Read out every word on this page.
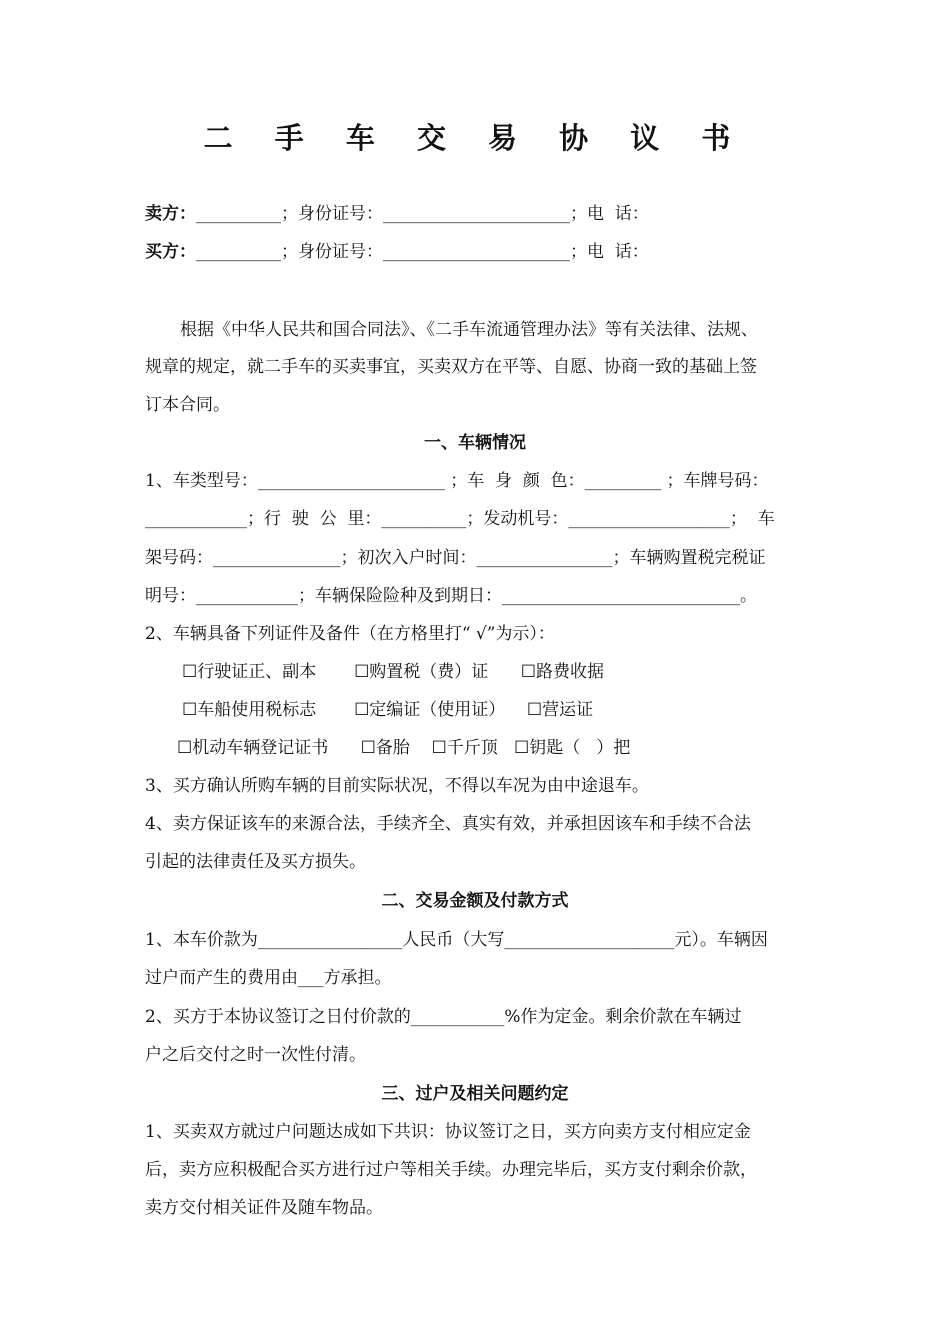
二 手 车 交 易 协 议 书
卖方：__________；身份证号：______________________；电  话：
买方：__________；身份证号：______________________；电  话：
根据《中华人民共和国合同法》、《二手车流通管理办法》等有关法律、法规、
规章的规定，就二手车的买卖事宜，买卖双方在平等、自愿、协商一致的基础上签
订本合同。
一、车辆情况
1、车类型号：______________________ ；车  身  颜  色：_________ ；车牌号码：
____________；行  驶  公  里：__________；发动机号：___________________；  车
架号码：_______________；初次入户时间：________________；车辆购置税完税证
明号：____________；车辆保险险种及到期日：____________________________。
2、车辆具备下列证件及备件（在方格里打“ √”为示）：
☐行驶证正、副本       ☐购置税（费）证      ☐路费收据
☐车船使用税标志       ☐定编证（使用证）    ☐营运证
☐机动车辆登记证书      ☐备胎    ☐千斤顶   ☐钥匙（   ）把
3、买方确认所购车辆的目前实际状况，不得以车况为由中途退车。
4、卖方保证该车的来源合法，手续齐全、真实有效，并承担因该车和手续不合法
引起的法律责任及买方损失。
二、交易金额及付款方式
1、本车价款为_________________人民币（大写____________________元）。车辆因
过户而产生的费用由___方承担。
2、买方于本协议签订之日付价款的___________%作为定金。剩余价款在车辆过
户之后交付之时一次性付清。
三、过户及相关问题约定
1、买卖双方就过户问题达成如下共识：协议签订之日，买方向卖方支付相应定金
后，卖方应积极配合买方进行过户等相关手续。办理完毕后，买方支付剩余价款，
卖方交付相关证件及随车物品。
